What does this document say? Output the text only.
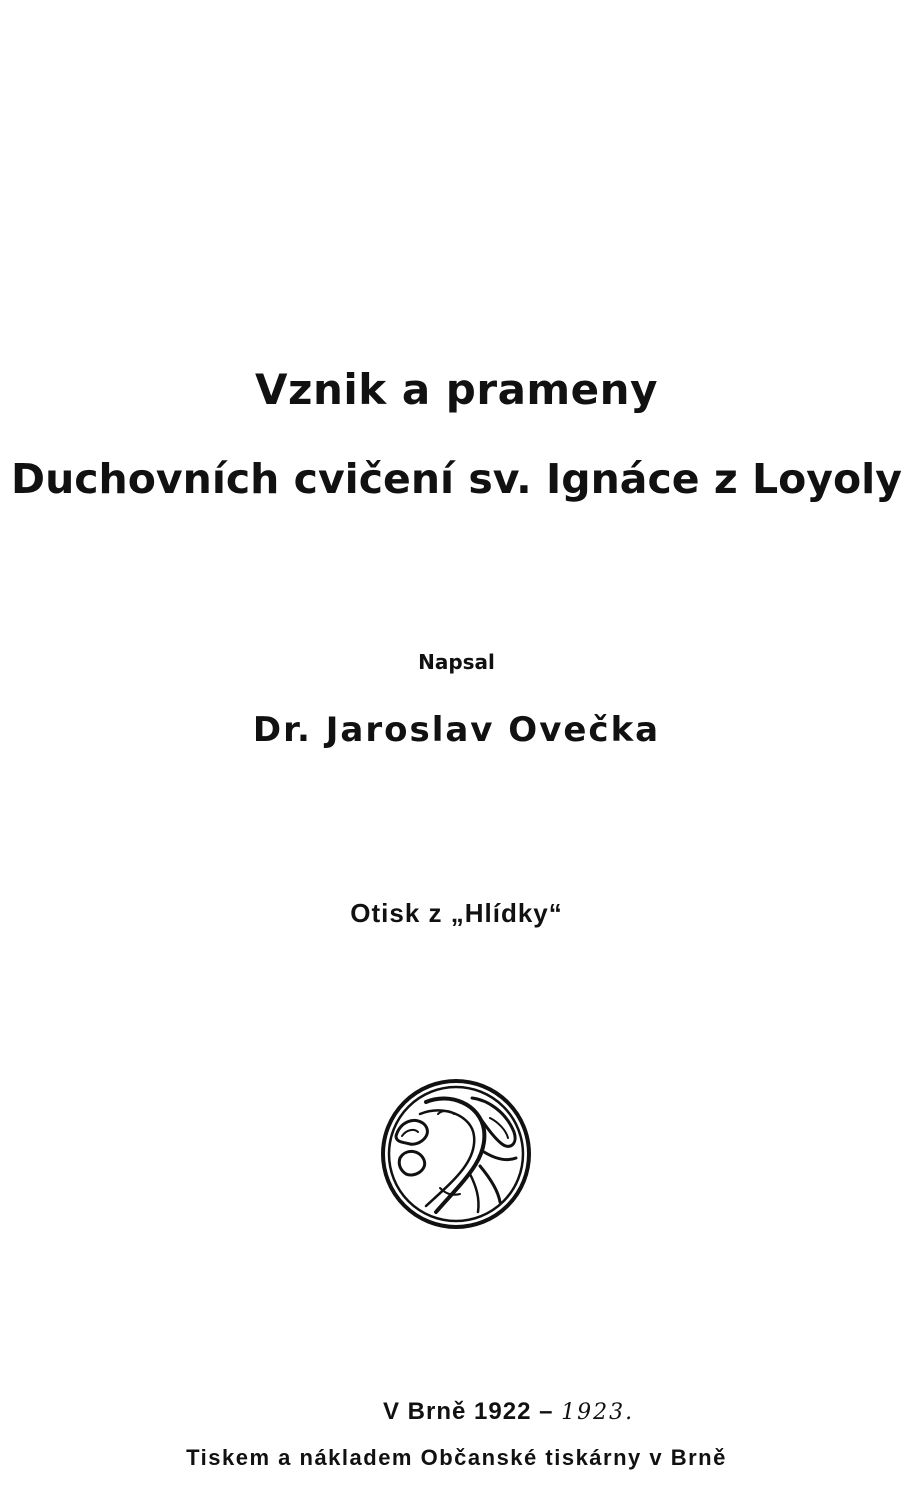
Vznik a prameny
Duchovních cvičení sv. Ignáce z Loyoly
Napsal
Dr. Jaroslav Ovečka
Otisk z „Hlídky“
V Brně 1922 – 1923.
Tiskem a nákladem Občanské tiskárny v Brně
